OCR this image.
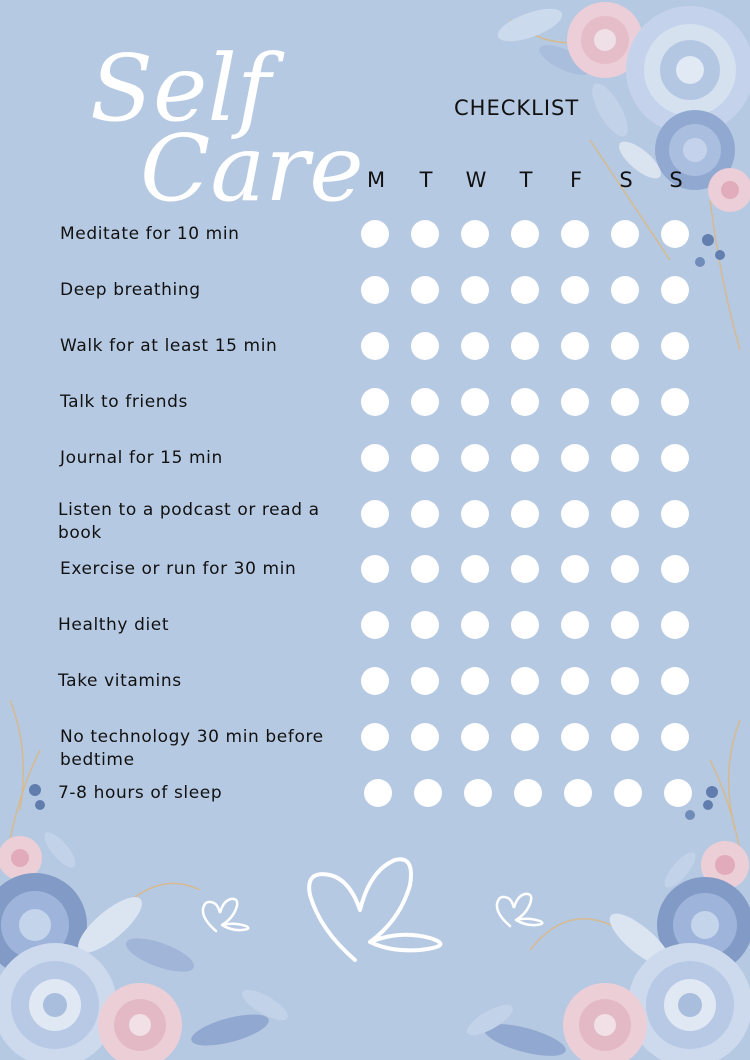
Self
Care
CHECKLIST
M	T	W	T	F	S	S
Meditate for 10 min
Deep breathing
Walk for at least 15 min
Talk to friends
Journal for 15 min
Listen to a podcast or read a book
Exercise or run for 30 min
Healthy diet
Take vitamins
No technology 30 min before bedtime
7-8 hours of sleep
